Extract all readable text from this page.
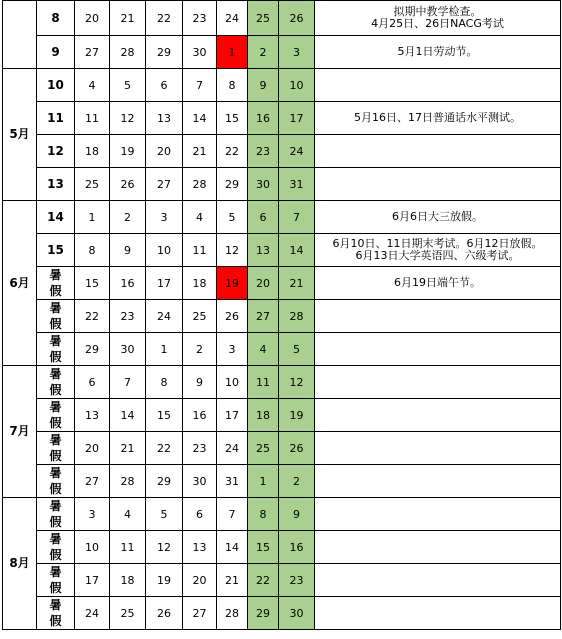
	8	20	21	22	23	24	25	26	拟期中教学检查。
4月25日、26日NACG考试

	9	27	28	29	30	1	2	3	5月1日劳动节。
5月	10	4	5	6	7	8	9	10	
	11	11	12	13	14	15	16	17	5月16日、17日普通话水平测试。
	12	18	19	20	21	22	23	24	
	13	25	26	27	28	29	30	31	
6月	14	1	2	3	4	5	6	7	6月6日大三放假。
	15	8	9	10	11	12	13	14	6月10日、11日期末考试。6月12日放假。
6月13日大学英语四、六级考试。

	暑
假	15	16	17	18	19	20	21	6月19日端午节。

	暑
假	22	23	24	25	26	27	28	

	暑
假	29	30	1	2	3	4	5	
7月	暑
假	6	7	8	9	10	11	12	

	暑
假	13	14	15	16	17	18	19	

	暑
假	20	21	22	23	24	25	26	

	暑
假	27	28	29	30	31	1	2	
8月	暑
假	3	4	5	6	7	8	9	

	暑
假	10	11	12	13	14	15	16	

	暑
假	17	18	19	20	21	22	23	

	暑
假	24	25	26	27	28	29	30	
